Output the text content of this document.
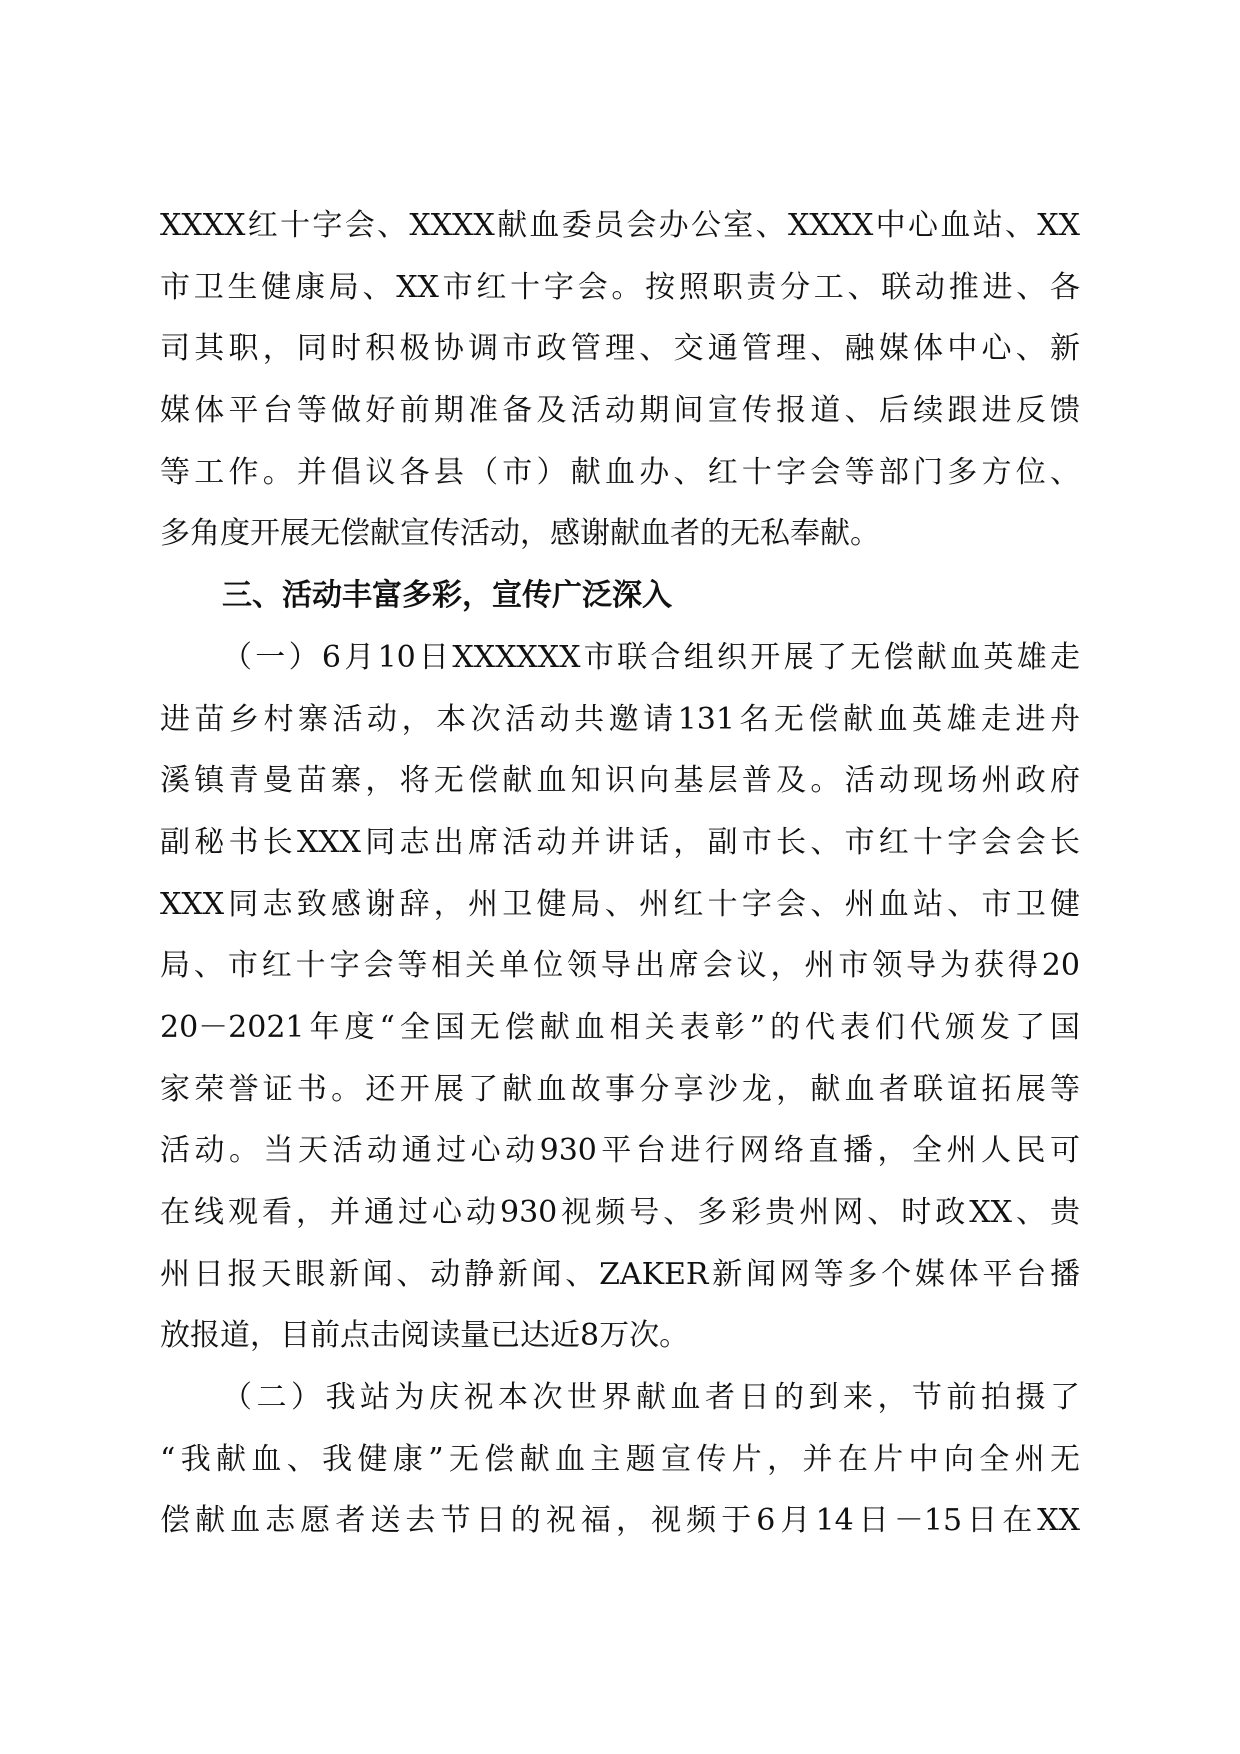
XXXX红十字会、XXXX献血委员会办公室、XXXX中心血站、XX
市卫生健康局、XX市红十字会。按照职责分工、联动推进、各
司其职，同时积极协调市政管理、交通管理、融媒体中心、新
媒体平台等做好前期准备及活动期间宣传报道、后续跟进反馈
等工作。并倡议各县（市）献血办、红十字会等部门多方位、
多角度开展无偿献宣传活动，感谢献血者的无私奉献。
三、活动丰富多彩，宣传广泛深入
（一）6月10日XXXXXX市联合组织开展了无偿献血英雄走
进苗乡村寨活动，本次活动共邀请131名无偿献血英雄走进舟
溪镇青曼苗寨，将无偿献血知识向基层普及。活动现场州政府
副秘书长XXX同志出席活动并讲话，副市长、市红十字会会长
XXX同志致感谢辞，州卫健局、州红十字会、州血站、市卫健
局、市红十字会等相关单位领导出席会议，州市领导为获得20
20－2021年度“全国无偿献血相关表彰”的代表们代颁发了国
家荣誉证书。还开展了献血故事分享沙龙，献血者联谊拓展等
活动。当天活动通过心动930平台进行网络直播，全州人民可
在线观看，并通过心动930视频号、多彩贵州网、时政XX、贵
州日报天眼新闻、动静新闻、ZAKER新闻网等多个媒体平台播
放报道，目前点击阅读量已达近8万次。
（二）我站为庆祝本次世界献血者日的到来，节前拍摄了
“我献血、我健康”无偿献血主题宣传片，并在片中向全州无
偿献血志愿者送去节日的祝福，视频于6月14日－15日在XX
